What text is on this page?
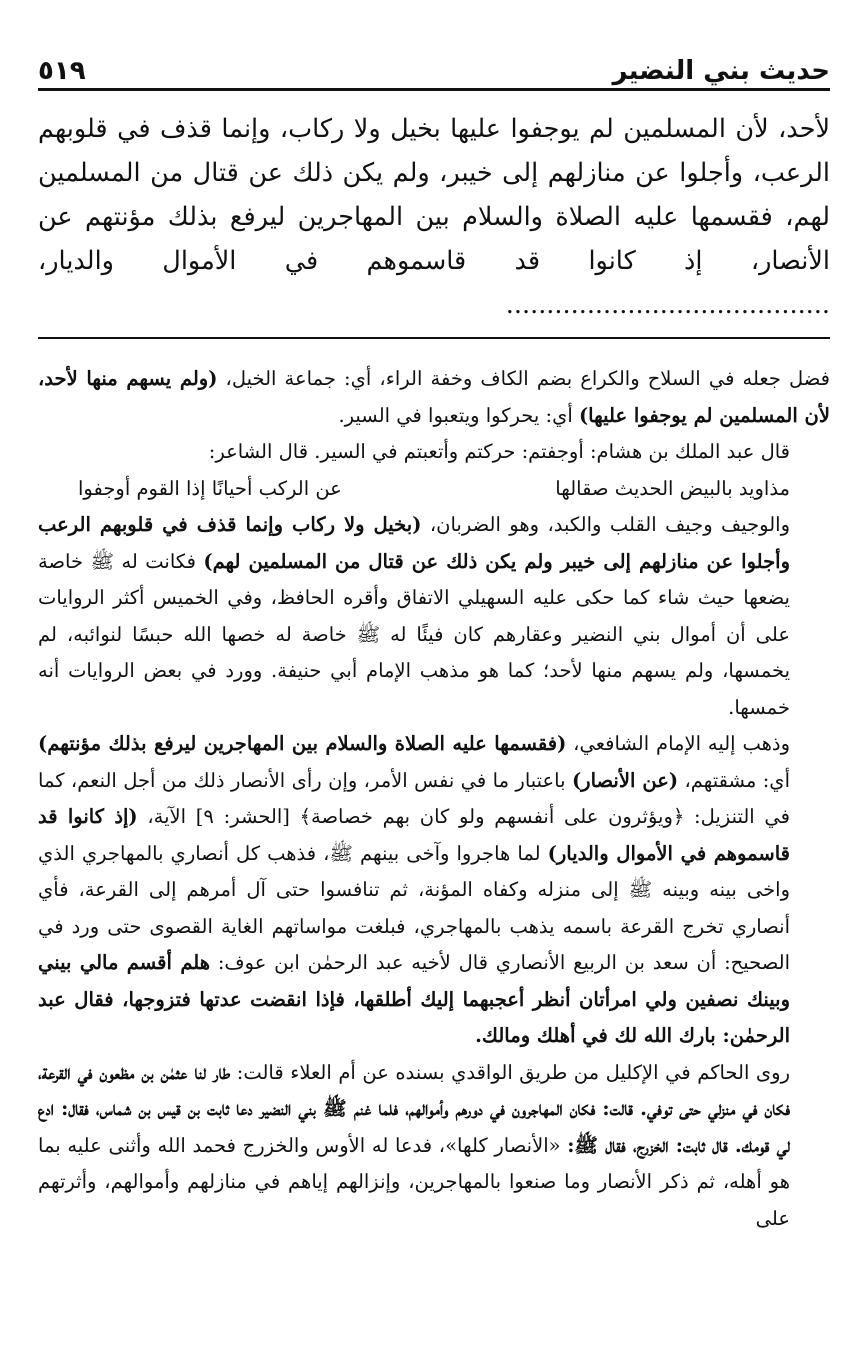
حديث بني النضير
٥١٩

لأحد، لأن المسلمين لم يوجفوا عليها بخيل ولا ركاب، وإنما قذف في قلوبهم الرعب، وأجلوا عن منازلهم إلى خيبر، ولم يكن ذلك عن قتال من المسلمين لهم، فقسمها عليه الصلاة والسلام بين المهاجرين ليرفع بذلك مؤنتهم عن الأنصار، إذ كانوا قد قاسموهم في الأموال والديار، ........................................

فضل جعله في السلاح والكراع بضم الكاف وخفة الراء، أي: جماعة الخيل، (ولم يسهم منها لأحد، لأن المسلمين لم يوجفوا عليها) أي: يحركوا ويتعبوا في السير.

قال عبد الملك بن هشام: أوجفتم: حركتم وأتعبتم في السير. قال الشاعر:

مذاويد بالبيض الحديث صقالها
عن الركب أحيانًا إذا القوم أوجفوا

والوجيف وجيف القلب والكبد، وهو الضربان، (بخيل ولا ركاب وإنما قذف في قلوبهم الرعب وأجلوا عن منازلهم إلى خيبر ولم يكن ذلك عن قتال من المسلمين لهم) فكانت له ﷺ خاصة يضعها حيث شاء كما حكى عليه السهيلي الاتفاق وأقره الحافظ، وفي الخميس أكثر الروايات على أن أموال بني النضير وعقارهم كان فيئًا له ﷺ خاصة له خصها الله حبسًا لنوائبه، لم يخمسها، ولم يسهم منها لأحد؛ كما هو مذهب الإمام أبي حنيفة. وورد في بعض الروايات أنه خمسها.

وذهب إليه الإمام الشافعي، (فقسمها عليه الصلاة والسلام بين المهاجرين ليرفع بذلك مؤنتهم) أي: مشقتهم، (عن الأنصار) باعتبار ما في نفس الأمر، وإن رأى الأنصار ذلك من أجل النعم، كما في التنزيل: ﴿ويؤثرون على أنفسهم ولو كان بهم خصاصة﴾ [الحشر: ٩] الآية، (إذ كانوا قد قاسموهم في الأموال والديار) لما هاجروا وآخى بينهم ﷺ، فذهب كل أنصاري بالمهاجري الذي واخى بينه وبينه ﷺ إلى منزله وكفاه المؤنة، ثم تنافسوا حتى آل أمرهم إلى القرعة، فأي أنصاري تخرج القرعة باسمه يذهب بالمهاجري، فبلغت مواساتهم الغاية القصوى حتى ورد في الصحيح: أن سعد بن الربيع الأنصاري قال لأخيه عبد الرحمٰن ابن عوف: هلم أقسم مالي بيني وبينك نصفين ولي امرأتان أنظر أعجبهما إليك أطلقها، فإذا انقضت عدتها فتزوجها، فقال عبد الرحمٰن: بارك الله لك في أهلك ومالك.

روى الحاكم في الإكليل من طريق الواقدي بسنده عن أم العلاء قالت: طار لنا عثمٰن بن مظعون في القرعة، فكان في منزلي حتى توفي. قالت: فكان المهاجرون في دورهم وأموالهم، فلما غنم ﷺ بني النضير دعا ثابت بن قيس بن شماس، فقال: ادع لي قومك. قال ثابت: الخزرج، فقال ﷺ: «الأنصار كلها»، فدعا له الأوس والخزرج فحمد الله وأثنى عليه بما هو أهله، ثم ذكر الأنصار وما صنعوا بالمهاجرين، وإنزالهم إياهم في منازلهم وأموالهم، وأثرتهم على
